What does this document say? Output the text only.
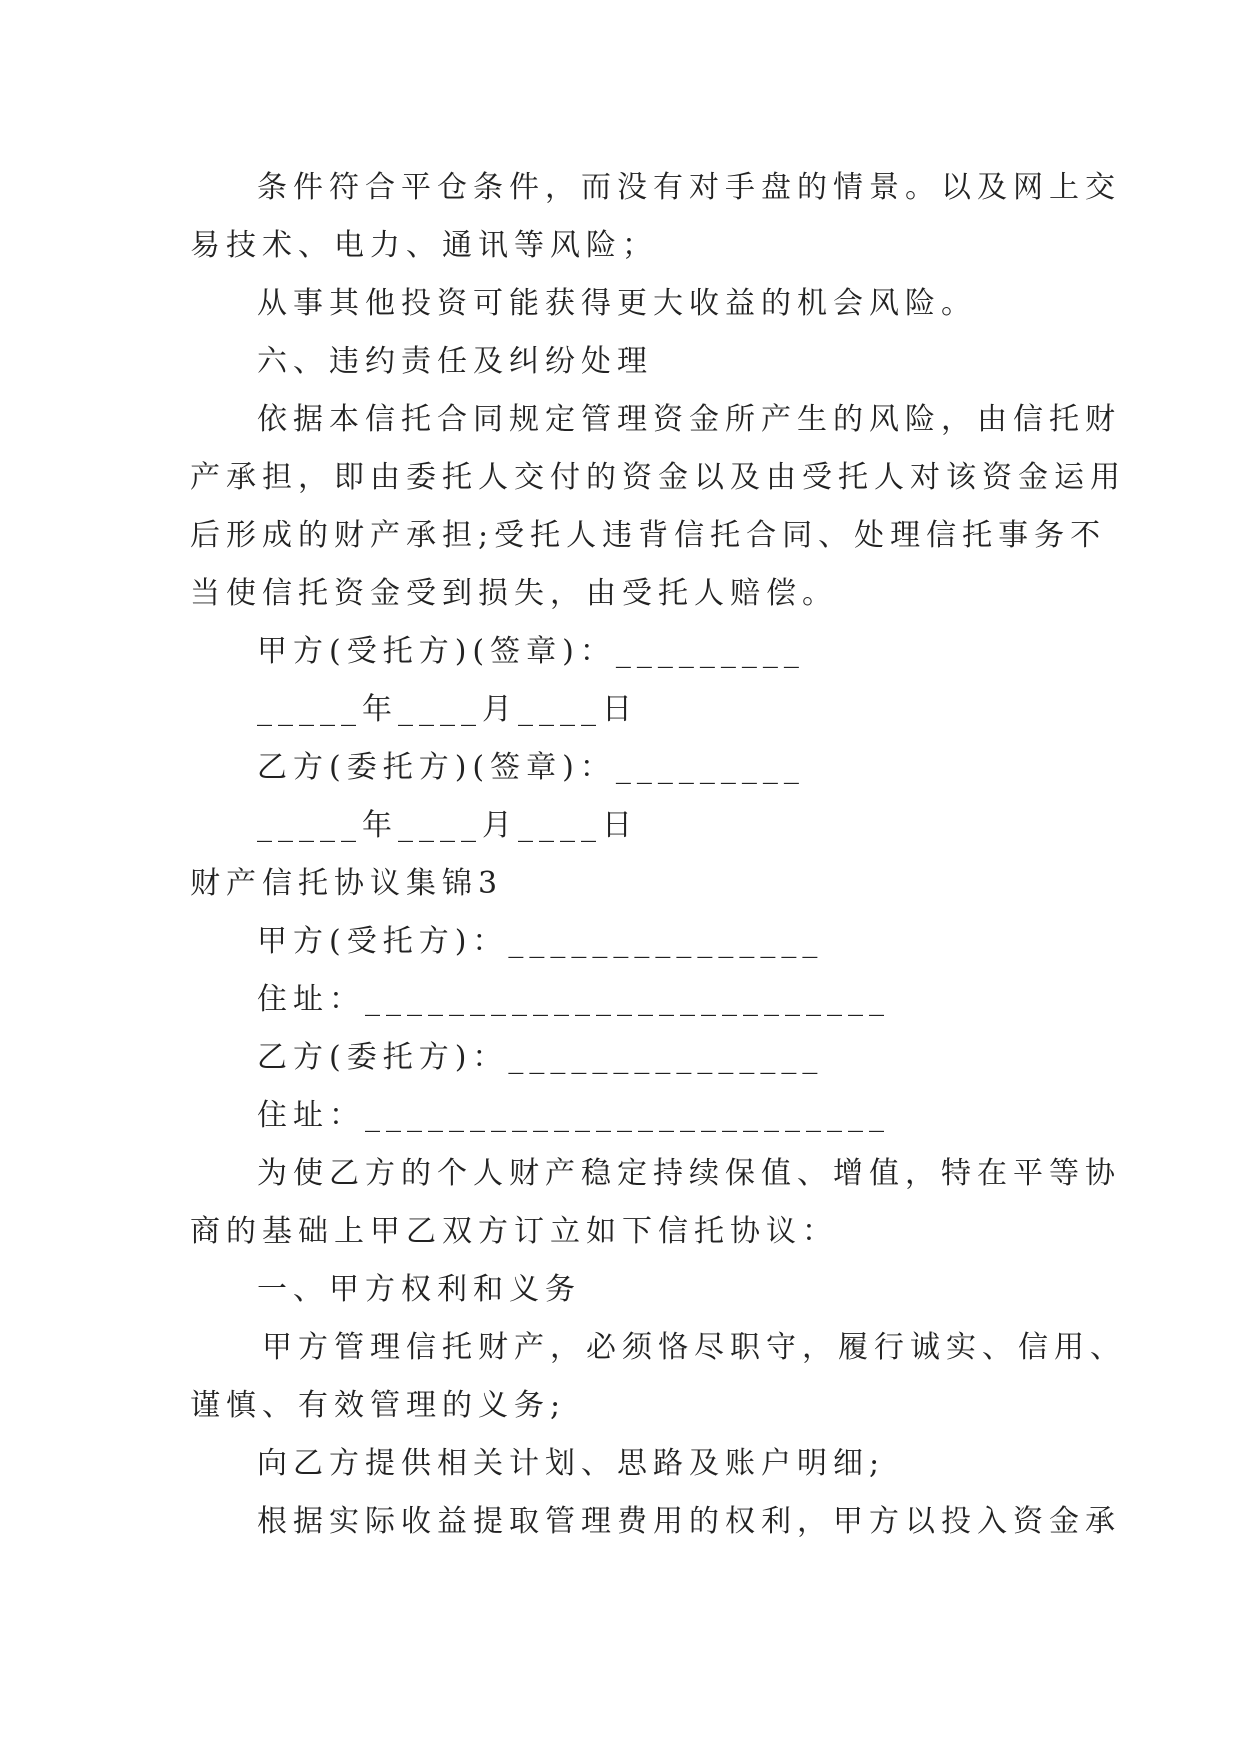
条件符合平仓条件，而没有对手盘的情景。以及网上交
易技术、电力、通讯等风险；
从事其他投资可能获得更大收益的机会风险。
六、违约责任及纠纷处理
依据本信托合同规定管理资金所产生的风险，由信托财
产承担，即由委托人交付的资金以及由受托人对该资金运用
后形成的财产承担;受托人违背信托合同、处理信托事务不
当使信托资金受到损失，由受托人赔偿。
甲方(受托方)(签章)：_________
_____年____月____日
乙方(委托方)(签章)：_________
_____年____月____日
财产信托协议集锦3
甲方(受托方)：_______________
住址：_________________________
乙方(委托方)：_______________
住址：_________________________
为使乙方的个人财产稳定持续保值、增值，特在平等协
商的基础上甲乙双方订立如下信托协议：
一、甲方权利和义务
甲方管理信托财产，必须恪尽职守，履行诚实、信用、
谨慎、有效管理的义务;
向乙方提供相关计划、思路及账户明细;
根据实际收益提取管理费用的权利，甲方以投入资金承
